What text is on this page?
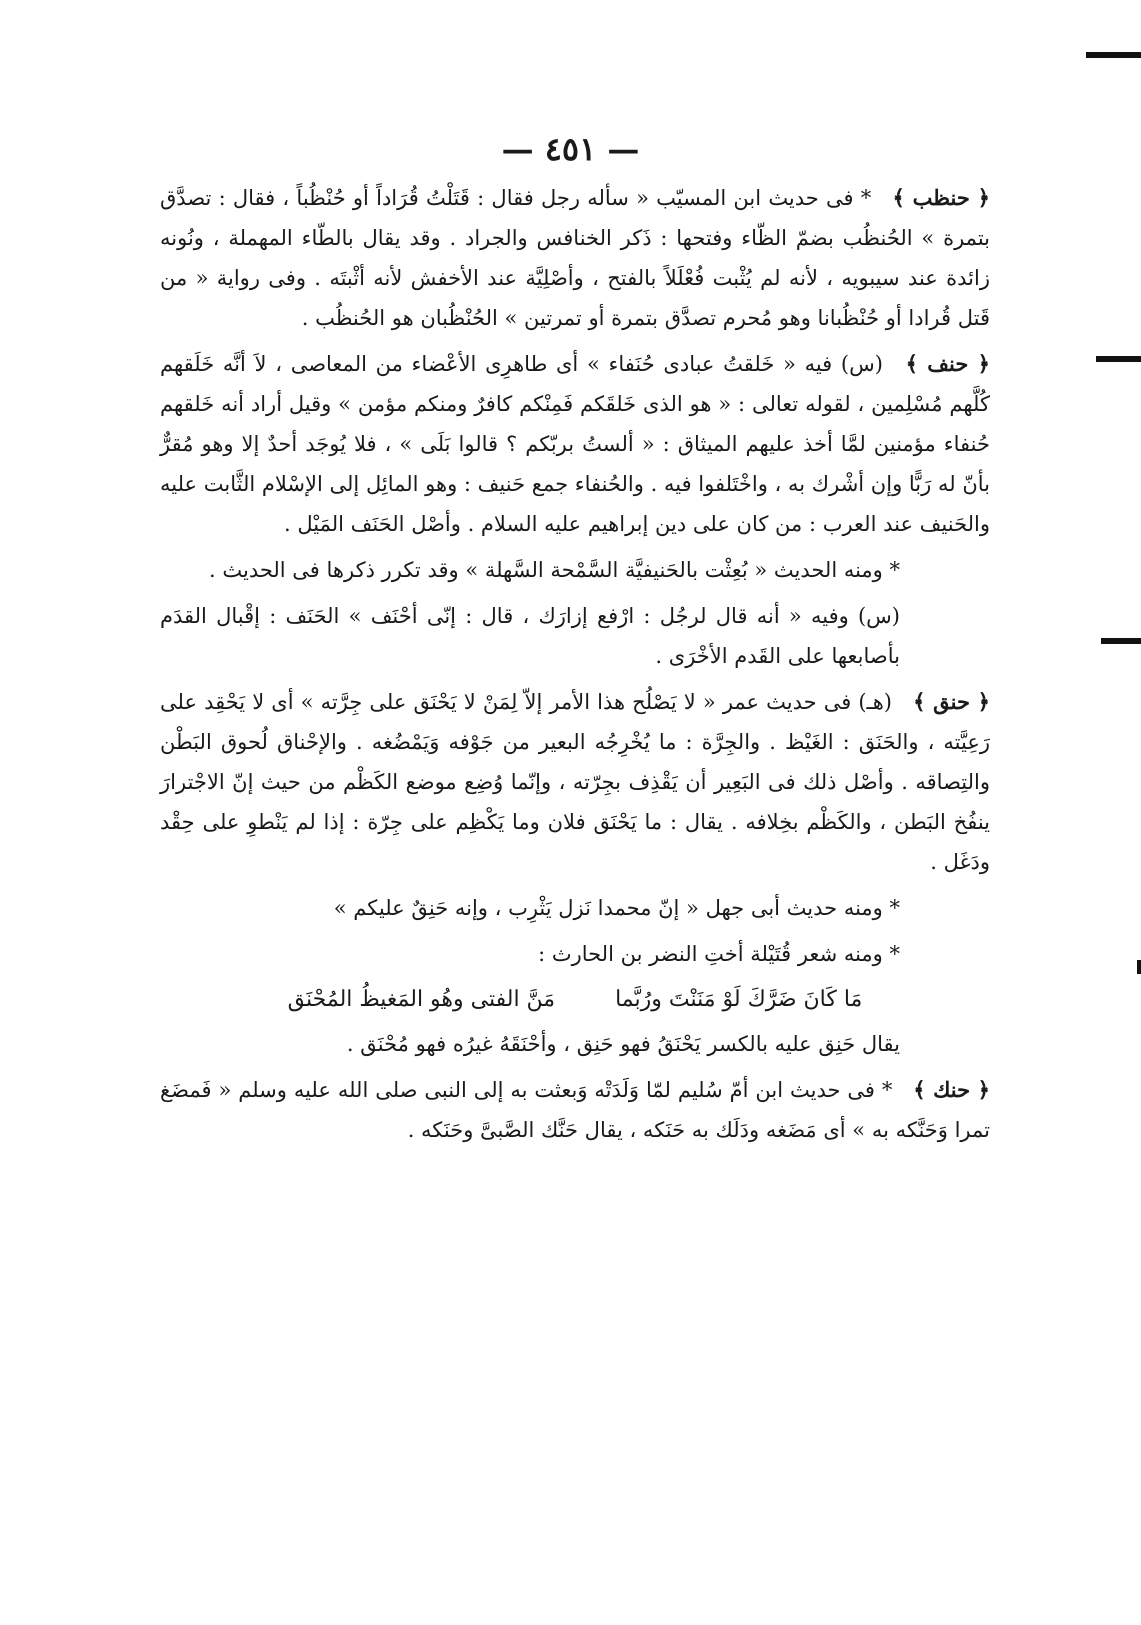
— ٤٥١ —

﴿ حنظب ﴾ * فى حديث ابن المسيّب « سأله رجل فقال : قَتَلْتُ قُرَاداً أو حُنْظُباً ، فقال : تصدَّق بتمرة » الحُنظُب بضمّ الظّاء وفتحها : ذَكر الخنافس والجراد . وقد يقال بالطّاء المهملة ، ونُونه زائدة عند سيبويه ، لأنه لم يُثْبت فُعْلَلاً بالفتح ، وأصْلِيَّة عند الأخفش لأنه أثْبتَه . وفى رواية « من قَتل قُرادا أو حُنْظُبانا وهو مُحرم تصدَّق بتمرة أو تمرتين » الحُنْظُبان هو الحُنظُب .

﴿ حنف ﴾ (س) فيه « خَلقتُ عبادى حُنَفاء » أى طاهرِى الأعْضاء من المعاصى ، لاَ أنَّه خَلَقهم كُلَّهم مُسْلِمين ، لقوله تعالى : « هو الذى خَلقَكم فَمِنْكم كافرٌ ومنكم مؤمن » وقيل أراد أنه خَلقهم حُنفاء مؤمنين لمَّا أخذ عليهم الميثاق : « ألستُ بربّكم ؟ قالوا بَلَى » ، فلا يُوجَد أحدٌ إلا وهو مُقرٌّ بأنّ له رَبًّا وإن أشْرك به ، واخْتَلفوا فيه . والحُنفاء جمع حَنيف : وهو المائِل إلى الإسْلام الثَّابت عليه والحَنيف عند العرب : من كان على دين إبراهيم عليه السلام . وأصْل الحَنَف المَيْل .

* ومنه الحديث « بُعِثْت بالحَنيفيَّة السَّمْحة السَّهلة » وقد تكرر ذكرها فى الحديث .

(س) وفيه « أنه قال لرجُل : ارْفع إزارَك ، قال : إنّى أحْنَف » الحَنَف : إقْبال القدَم بأصابعها على القَدم الأخْرَى .

﴿ حنق ﴾ (هـ) فى حديث عمر « لا يَصْلُح هذا الأمر إلاّ لِمَنْ لا يَحْنَق على جِرَّته » أى لا يَحْقِد على رَعِيَّته ، والحَنَق : الغَيْظ . والجِرَّة : ما يُخْرِجُه البعير من جَوْفه وَيَمْضُغه . والإحْناق لُحوق البَطْن والتِصاقه . وأصْل ذلك فى البَعِير أن يَقْذِف بجِرّته ، وإنّما وُضِع موضع الكَظْم من حيث إنّ الاجْترارَ ينفُخ البَطن ، والكَظْم بخِلافه . يقال : ما يَحْنَق فلان وما يَكْظِم على جِرّة : إذا لم يَنْطوِ على حِقْد ودَغَل .

* ومنه حديث أبى جهل « إنّ محمدا نَزل يَثْرِب ، وإنه حَنِقٌ عليكم »

* ومنه شعر قُتَيْلة أختِ النضر بن الحارث :

مَا كَانَ ضَرَّكَ لَوْ مَنَنْتَ ورُبَّما
مَنَّ الفتى وهُو المَغيظُ المُحْنَق

يقال حَنِق عليه بالكسر يَحْنَقُ فهو حَنِق ، وأحْنَقَهُ غيرُه فهو مُحْنَق .

﴿ حنك ﴾ * فى حديث ابن أمّ سُليم لمّا وَلَدَتْه وَبعثت به إلى النبى صلى الله عليه وسلم « فَمضَغ تمرا وَحَنَّكه به » أى مَضَغه ودَلَك به حَنَكه ، يقال حَنَّك الصَّبىَّ وحَنَكه .
